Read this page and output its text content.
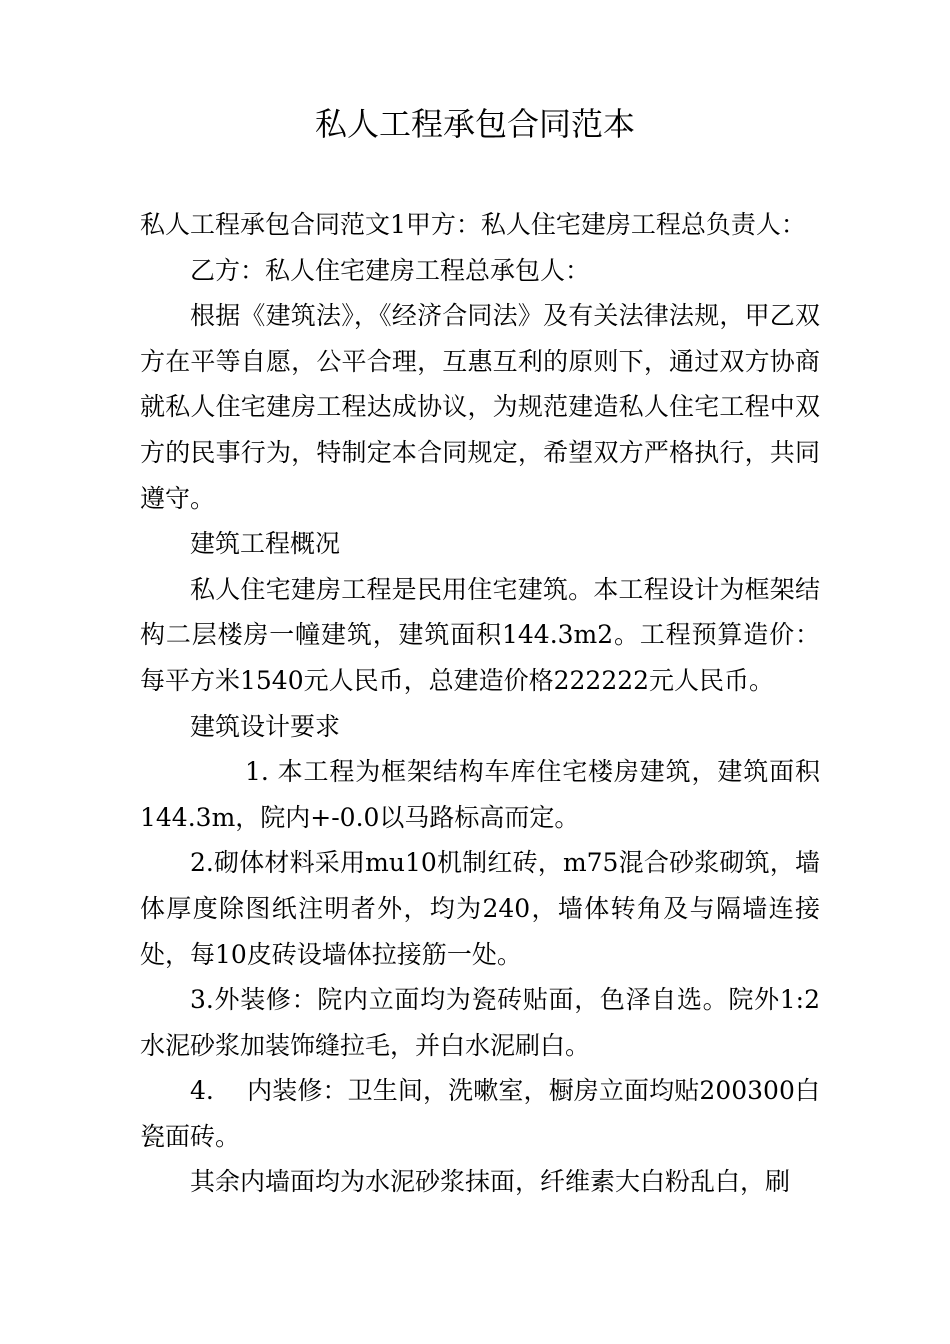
私人工程承包合同范本

私人工程承包合同范文1甲方：私人住宅建房工程总负责人：

乙方：私人住宅建房工程总承包人：

根据《建筑法》，《经济合同法》及有关法律法规，甲乙双方在平等自愿，公平合理，互惠互利的原则下，通过双方协商就私人住宅建房工程达成协议，为规范建造私人住宅工程中双方的民事行为，特制定本合同规定，希望双方严格执行，共同遵守。

建筑工程概况

私人住宅建房工程是民用住宅建筑。本工程设计为框架结构二层楼房一幢建筑，建筑面积144.3m2。工程预算造价：每平方米1540元人民币，总建造价格222222元人民币。

建筑设计要求

1. 本工程为框架结构车库住宅楼房建筑，建筑面积144.3m，院内+-0.0以马路标高而定。

2.砌体材料采用mu10机制红砖，m75混合砂浆砌筑，墙体厚度除图纸注明者外，均为240，墙体转角及与隔墙连接处，每10皮砖设墙体拉接筋一处。

3.外装修：院内立面均为瓷砖贴面，色泽自选。院外1:2水泥砂浆加装饰缝拉毛，并白水泥刷白。

4.　 内装修：卫生间，洗嗽室，橱房立面均贴200300白瓷面砖。

其余内墙面均为水泥砂浆抹面，纤维素大白粉乱白，刷
